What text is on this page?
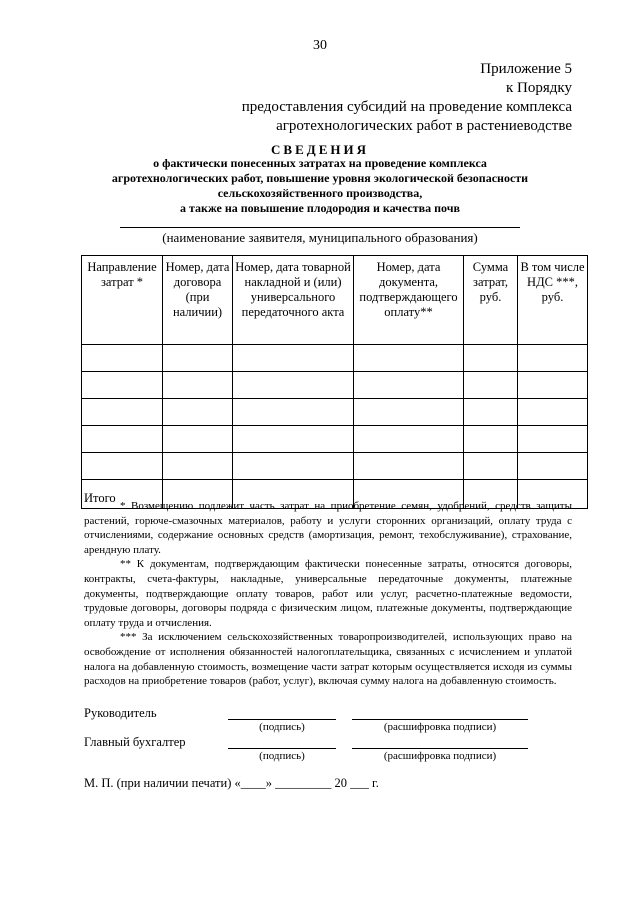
30
Приложение 5
к Порядку
предоставления субсидий на проведение комплекса
агротехнологических работ в растениеводстве
СВЕДЕНИЯ
о фактически понесенных затратах на проведение комплекса
агротехнологических работ, повышение уровня экологической безопасности
сельскохозяйственного производства,
а также на повышение плодородия и качества почв
(наименование заявителя, муниципального образования)
Направление затрат *	Номер, дата договора (при наличии)	Номер, дата товарной накладной и (или) универсального передаточного акта	Номер, дата документа, подтверждающего оплату**	Сумма затрат, руб.	В том числе НДС ***, руб.

Итого					

* Возмещению подлежит часть затрат на приобретение семян, удобрений, средств защиты растений, горюче-смазочных материалов, работу и услуги сторонних организаций, оплату труда с отчислениями, содержание основных средств (амортизация, ремонт, техобслуживание), страхование, арендную плату.

** К документам, подтверждающим фактически понесенные затраты, относятся договоры, контракты, счета-фактуры, накладные, универсальные передаточные документы, платежные документы, подтверждающие оплату товаров, работ или услуг, расчетно-платежные ведомости, трудовые договоры, договоры подряда с физическим лицом, платежные документы, подтверждающие оплату труда и отчисления.

*** За исключением сельскохозяйственных товаропроизводителей, использующих право на освобождение от исполнения обязанностей налогоплательщика, связанных с исчислением и уплатой налога на добавленную стоимость, возмещение части затрат которым осуществляется исходя из суммы расходов на приобретение товаров (работ, услуг), включая сумму налога на добавленную стоимость.

Руководитель
(подпись)	(расшифровка подписи)
Главный бухгалтер
(подпись)	(расшифровка подписи)
М. П. (при наличии печати) «____» _________ 20 ___ г.
